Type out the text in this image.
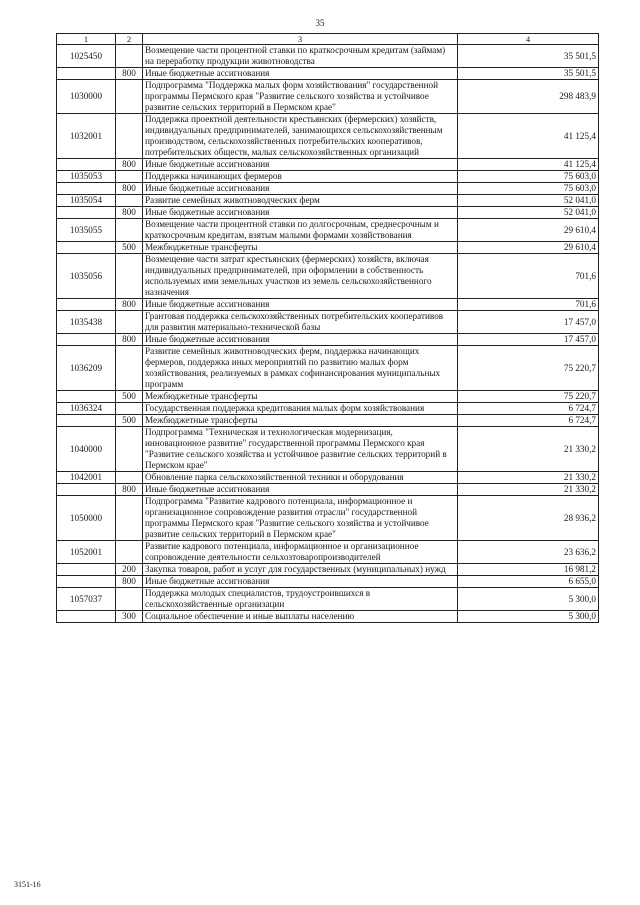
35
1	2	3	4
1025450		Возмещение части процентной ставки по краткосрочным кредитам (займам) на переработку продукции животноводства	35 501,5
	800	Иные бюджетные ассигнования	35 501,5
1030000		Подпрограмма "Поддержка малых форм хозяйствования" государственной программы Пермского края "Развитие сельского хозяйства и устойчивое развитие сельских территорий в Пермском крае"	298 483,9
1032001		Поддержка проектной деятельности крестьянских (фермерских) хозяйств, индивидуальных предпринимателей, занимающихся сельскохозяйственным производством, сельскохозяйственных потребительских кооперативов, потребительских обществ, малых сельскохозяйственных организаций	41 125,4
	800	Иные бюджетные ассигнования	41 125,4
1035053		Поддержка начинающих фермеров	75 603,0
	800	Иные бюджетные ассигнования	75 603,0
1035054		Развитие семейных животноводческих ферм	52 041,0
	800	Иные бюджетные ассигнования	52 041,0
1035055		Возмещение части процентной ставки по долгосрочным, среднесрочным и краткосрочным кредитам, взятым малыми формами хозяйствования	29 610,4
	500	Межбюджетные трансферты	29 610,4
1035056		Возмещение части затрат крестьянских (фермерских) хозяйств, включая индивидуальных предпринимателей, при оформлении в собственность используемых ими земельных участков из земель сельскохозяйственного назначения	701,6
	800	Иные бюджетные ассигнования	701,6
1035438		Грантовая поддержка сельскохозяйственных потребительских кооперативов для развития материально-технической базы	17 457,0
	800	Иные бюджетные ассигнования	17 457,0
1036209		Развитие семейных животноводческих ферм, поддержка начинающих фермеров, поддержка иных мероприятий по развитию малых форм хозяйствования, реализуемых в рамках софинансирования муниципальных программ	75 220,7
	500	Межбюджетные трансферты	75 220,7
1036324		Государственная поддержка кредитования малых форм хозяйствования	6 724,7
	500	Межбюджетные трансферты	6 724,7
1040000		Подпрограмма "Техническая и технологическая модернизация, инновационное развитие" государственной программы Пермского края "Развитие сельского хозяйства и устойчивое развитие сельских территорий в Пермском крае"	21 330,2
1042001		Обновление парка сельскохозяйственной техники и оборудования	21 330,2
	800	Иные бюджетные ассигнования	21 330,2
1050000		Подпрограмма "Развитие кадрового потенциала, информационное и организационное сопровождение развития отрасли" государственной программы Пермского края "Развитие сельского хозяйства и устойчивое развитие сельских территорий в Пермском крае"	28 936,2
1052001		Развитие кадрового потенциала, информационное и организационное сопровождение деятельности сельхозтоваропроизводителей	23 636,2
	200	Закупка товаров, работ и услуг для государственных (муниципальных) нужд	16 981,2
	800	Иные бюджетные ассигнования	6 655,0
1057037		Поддержка молодых специалистов, трудоустроившихся в сельскохозяйственные организации	5 300,0
	300	Социальное обеспечение и иные выплаты населению	5 300,0
3151-16
